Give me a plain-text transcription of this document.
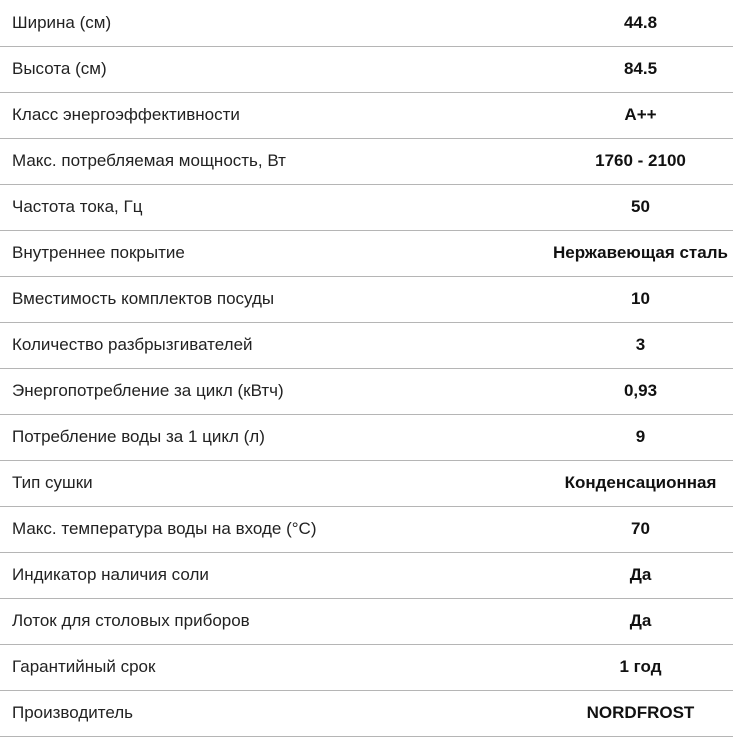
Ширина (см)	44.8
Высота (см)	84.5
Класс энергоэффективности	A++
Макс. потребляемая мощность, Вт	1760 - 2100
Частота тока, Гц	50
Внутреннее покрытие	Нержавеющая сталь
Вместимость комплектов посуды	10
Количество разбрызгивателей	3
Энергопотребление за цикл (кВтч)	0,93
Потребление воды за 1 цикл (л)	9
Тип сушки	Конденсационная
Макс. температура воды на входе (°C)	70
Индикатор наличия соли	Да
Лоток для столовых приборов	Да
Гарантийный срок	1 год
Производитель	NORDFROST
